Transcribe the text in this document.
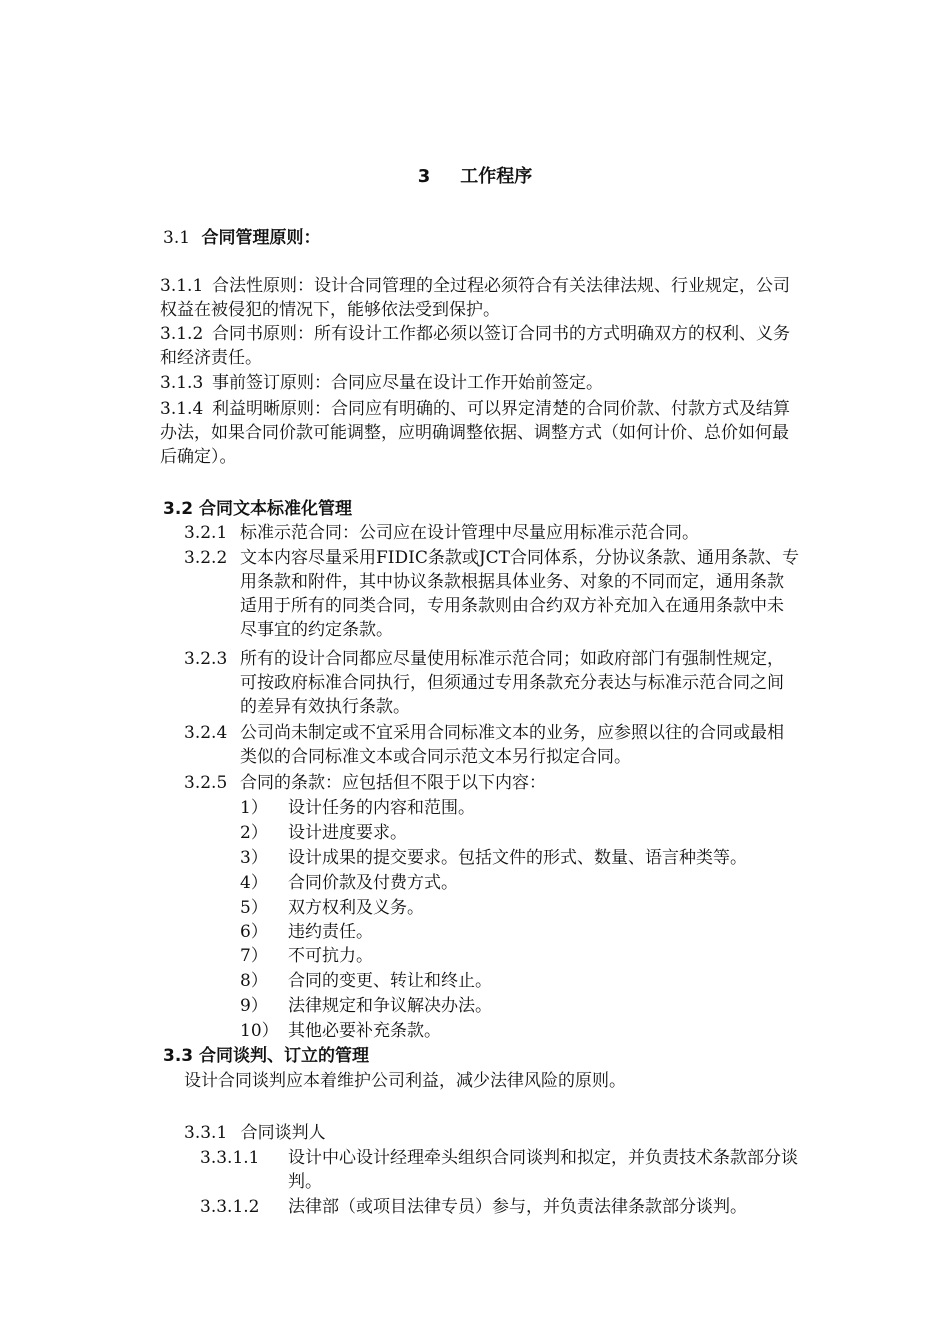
3 工作程序
3.1 合同管理原则：
3.1.1 合法性原则：设计合同管理的全过程必须符合有关法律法规、行业规定，公司权益在被侵犯的情况下，能够依法受到保护。
3.1.2 合同书原则：所有设计工作都必须以签订合同书的方式明确双方的权利、义务和经济责任。
3.1.3 事前签订原则：合同应尽量在设计工作开始前签定。
3.1.4 利益明晰原则：合同应有明确的、可以界定清楚的合同价款、付款方式及结算办法，如果合同价款可能调整，应明确调整依据、调整方式（如何计价、总价如何最后确定）。
3.2 合同文本标准化管理
3.2.1 标准示范合同：公司应在设计管理中尽量应用标准示范合同。
3.2.2 文本内容尽量采用FIDIC条款或JCT合同体系，分协议条款、通用条款、专用条款和附件，其中协议条款根据具体业务、对象的不同而定，通用条款适用于所有的同类合同，专用条款则由合约双方补充加入在通用条款中未尽事宜的约定条款。
3.2.3 所有的设计合同都应尽量使用标准示范合同；如政府部门有强制性规定，可按政府标准合同执行，但须通过专用条款充分表达与标准示范合同之间的差异有效执行条款。
3.2.4 公司尚未制定或不宜采用合同标准文本的业务，应参照以往的合同或最相类似的合同标准文本或合同示范文本另行拟定合同。
3.2.5 合同的条款：应包括但不限于以下内容：
1） 设计任务的内容和范围。
2） 设计进度要求。
3） 设计成果的提交要求。包括文件的形式、数量、语言种类等。
4） 合同价款及付费方式。
5） 双方权利及义务。
6） 违约责任。
7） 不可抗力。
8） 合同的变更、转让和终止。
9） 法律规定和争议解决办法。
10） 其他必要补充条款。
3.3 合同谈判、订立的管理
设计合同谈判应本着维护公司利益，减少法律风险的原则。
3.3.1 合同谈判人
3.3.1.1	设计中心设计经理牵头组织合同谈判和拟定，并负责技术条款部分谈判。
3.3.1.2	法律部（或项目法律专员）参与，并负责法律条款部分谈判。
